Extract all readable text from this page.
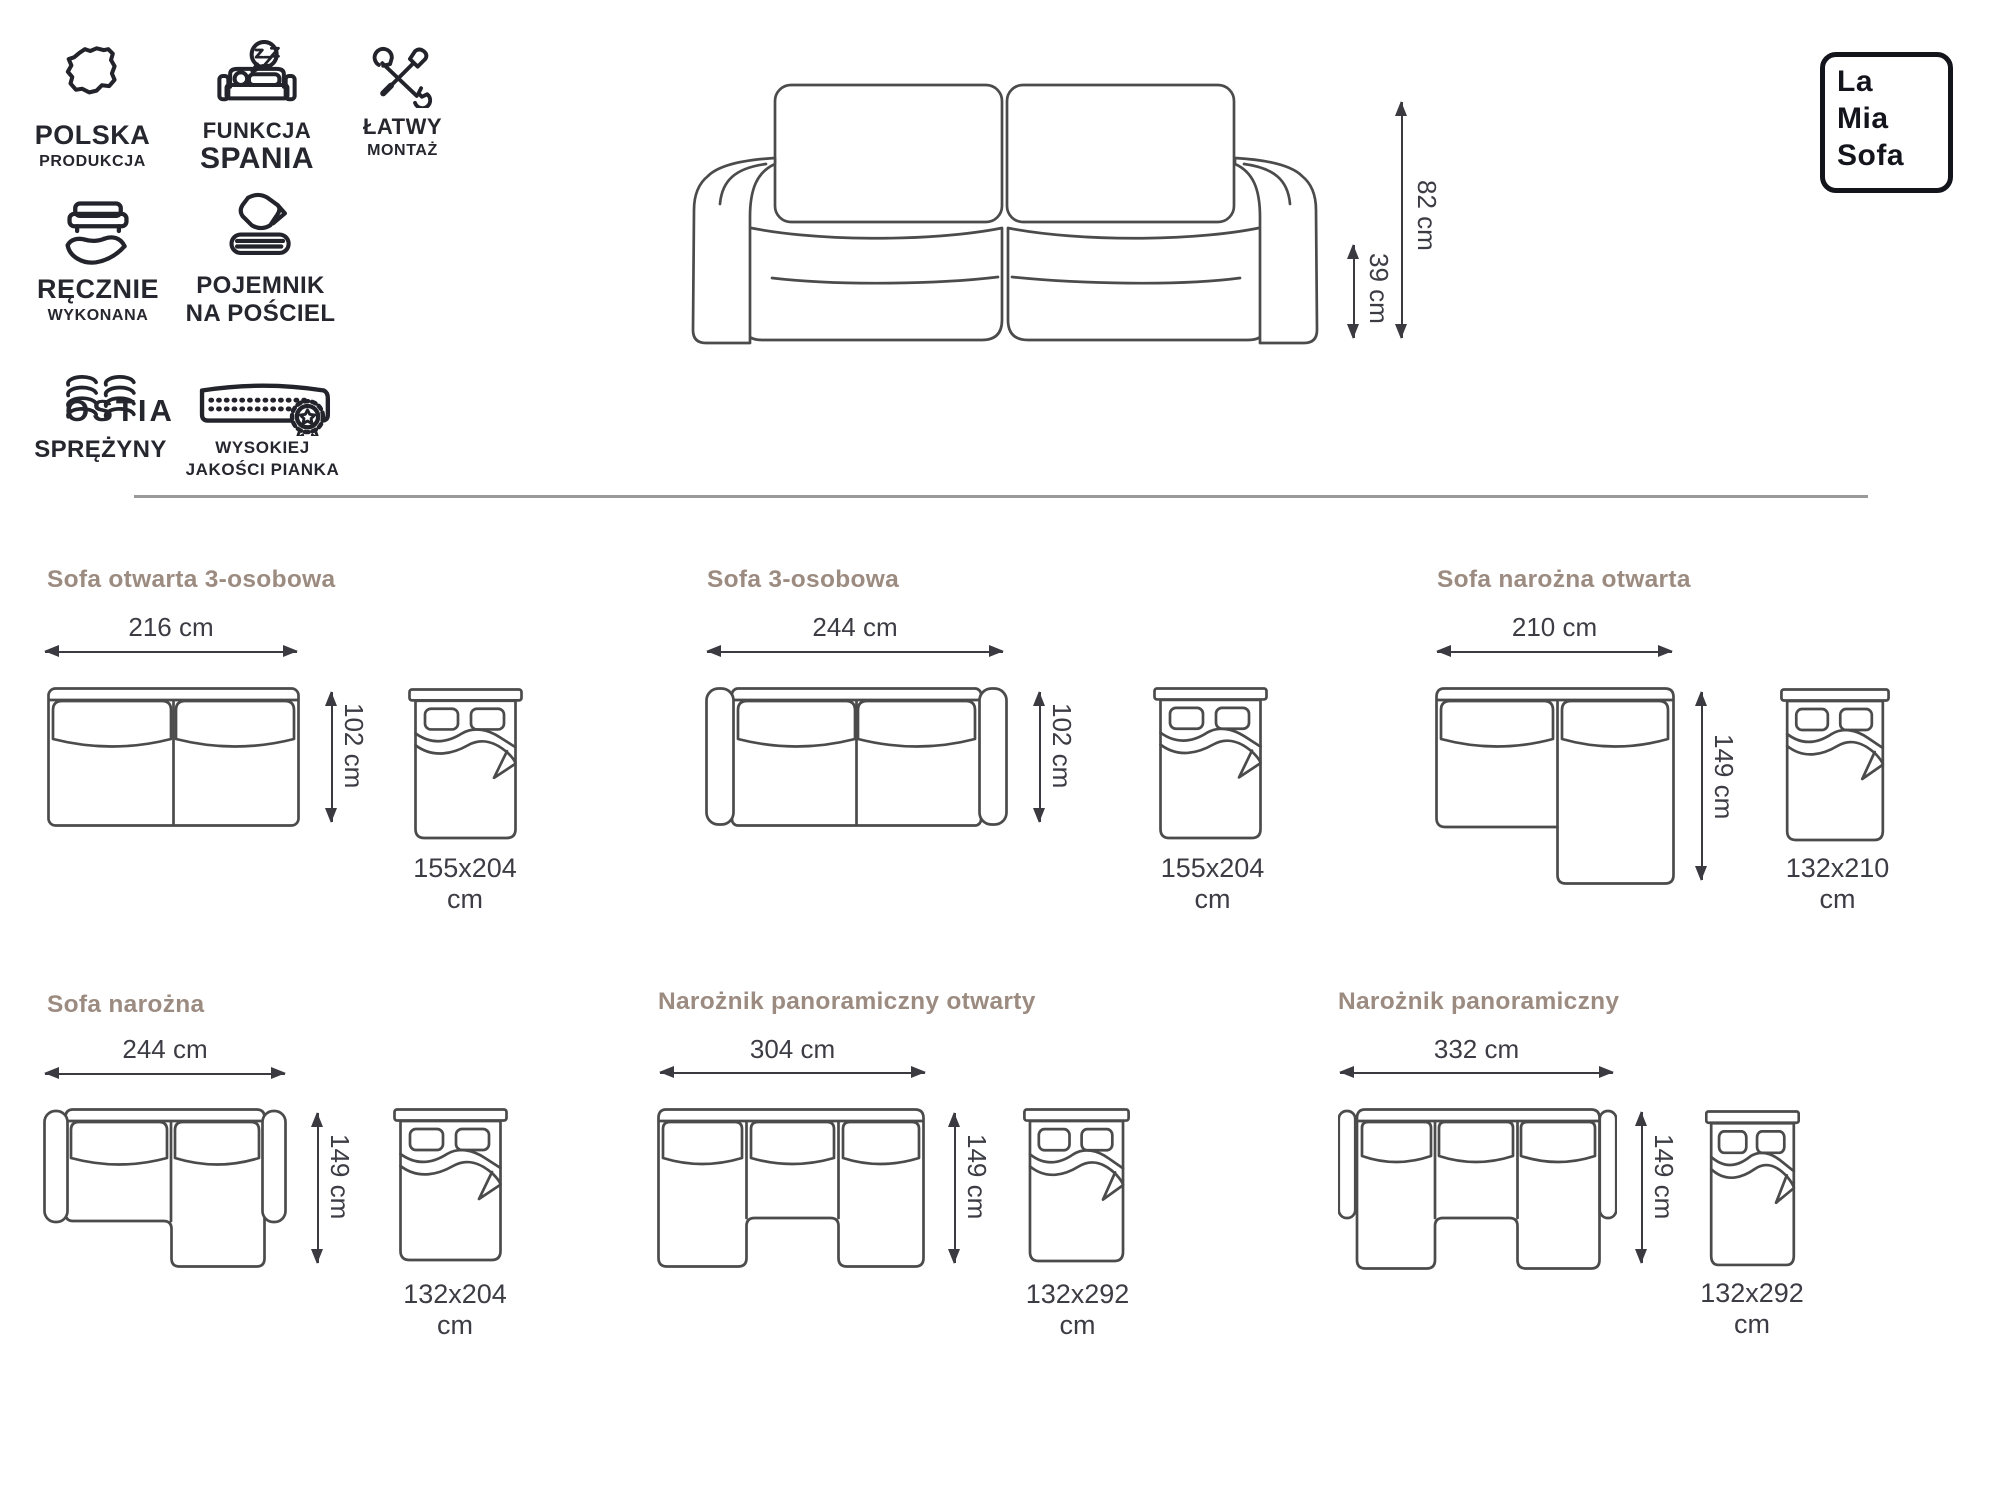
POLSKA
PRODUKCJA
FUNKCJA
SPANIA
ŁATWY
MONTAŻ
RĘCZNIE
WYKONANA
POJEMNIK
NA POŚCIEL
SPRĘŻYNY	WYSOKIEJ
JAKOŚCI PIANKA
82 cm
39 cm
OSTIA
La
Mia
Sofa
Sofa otwarta 3-osobowa
216 cm
102 cm
155x204 cm
Sofa 3-osobowa
244 cm
102 cm
155x204 cm
Sofa narożna otwarta
210 cm
149 cm
132x210 cm
Sofa narożna
244 cm
149 cm
132x204 cm
Narożnik panoramiczny otwarty
304 cm
149 cm
132x292 cm
Narożnik panoramiczny
332 cm
149 cm
132x292 cm
